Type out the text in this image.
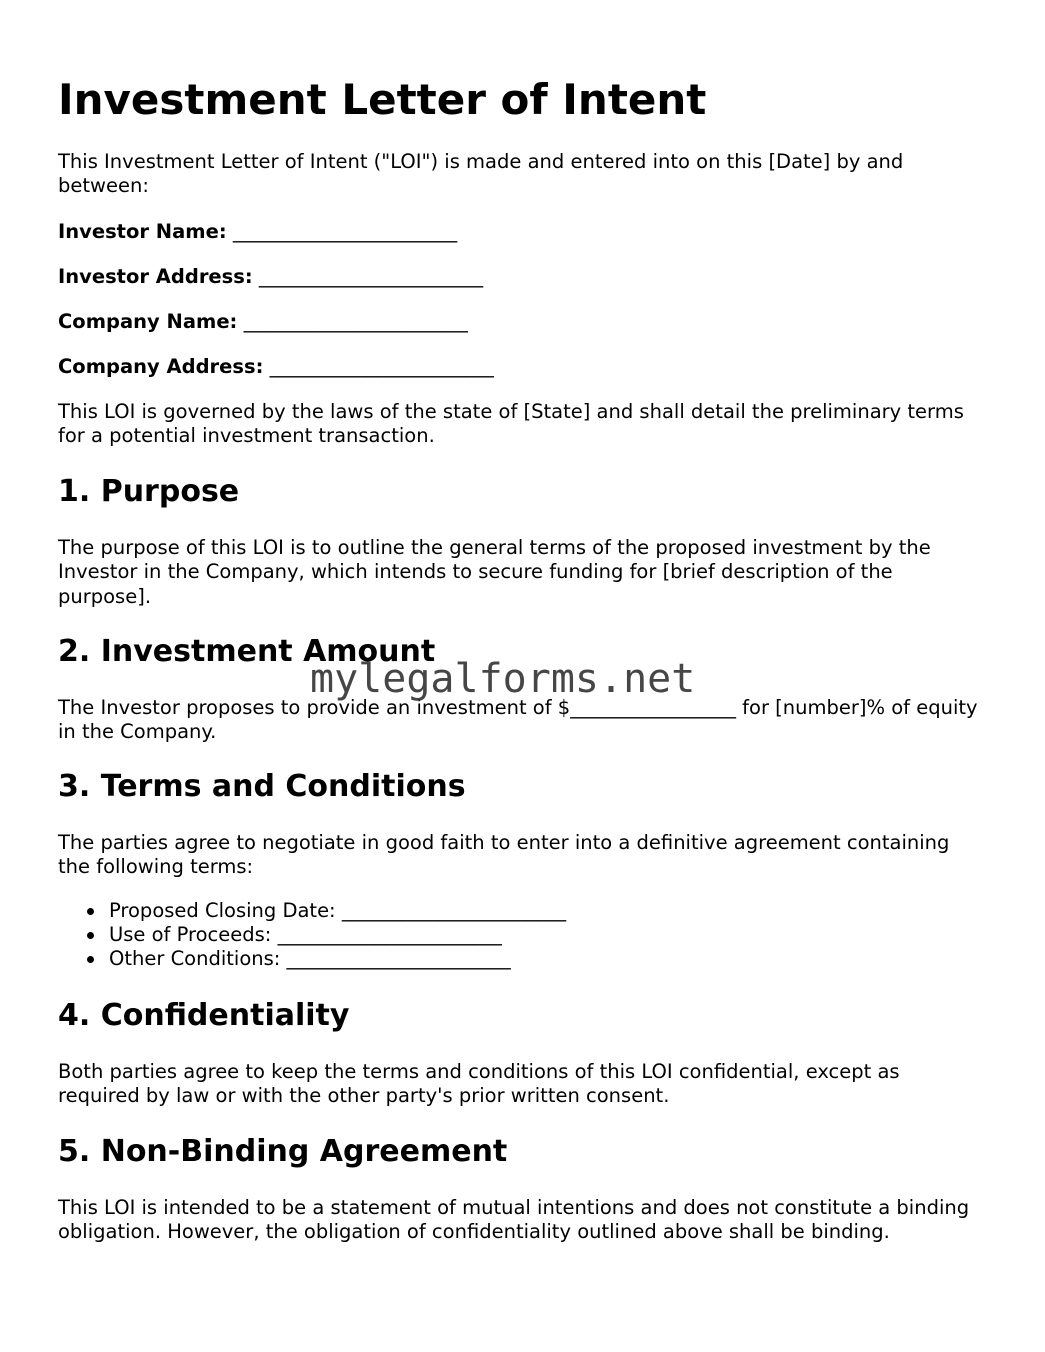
Investment Letter of Intent

This Investment Letter of Intent ("LOI") is made and entered into on this [Date] by and between:

Investor Name: _______________________

Investor Address: _______________________

Company Name: _______________________

Company Address: _______________________

This LOI is governed by the laws of the state of [State] and shall detail the preliminary terms for a potential investment transaction.

1. Purpose

The purpose of this LOI is to outline the general terms of the proposed investment by the Investor in the Company, which intends to secure funding for [brief description of the purpose].

2. Investment Amount

The Investor proposes to provide an investment of $_________________ for [number]% of equity in the Company.

3. Terms and Conditions

The parties agree to negotiate in good faith to enter into a definitive agreement containing the following terms:

Proposed Closing Date: _______________________
Use of Proceeds: _______________________
Other Conditions: _______________________
4. Confidentiality

Both parties agree to keep the terms and conditions of this LOI confidential, except as required by law or with the other party's prior written consent.

5. Non-Binding Agreement

This LOI is intended to be a statement of mutual intentions and does not constitute a binding obligation. However, the obligation of confidentiality outlined above shall be binding.

mylegalforms.net
